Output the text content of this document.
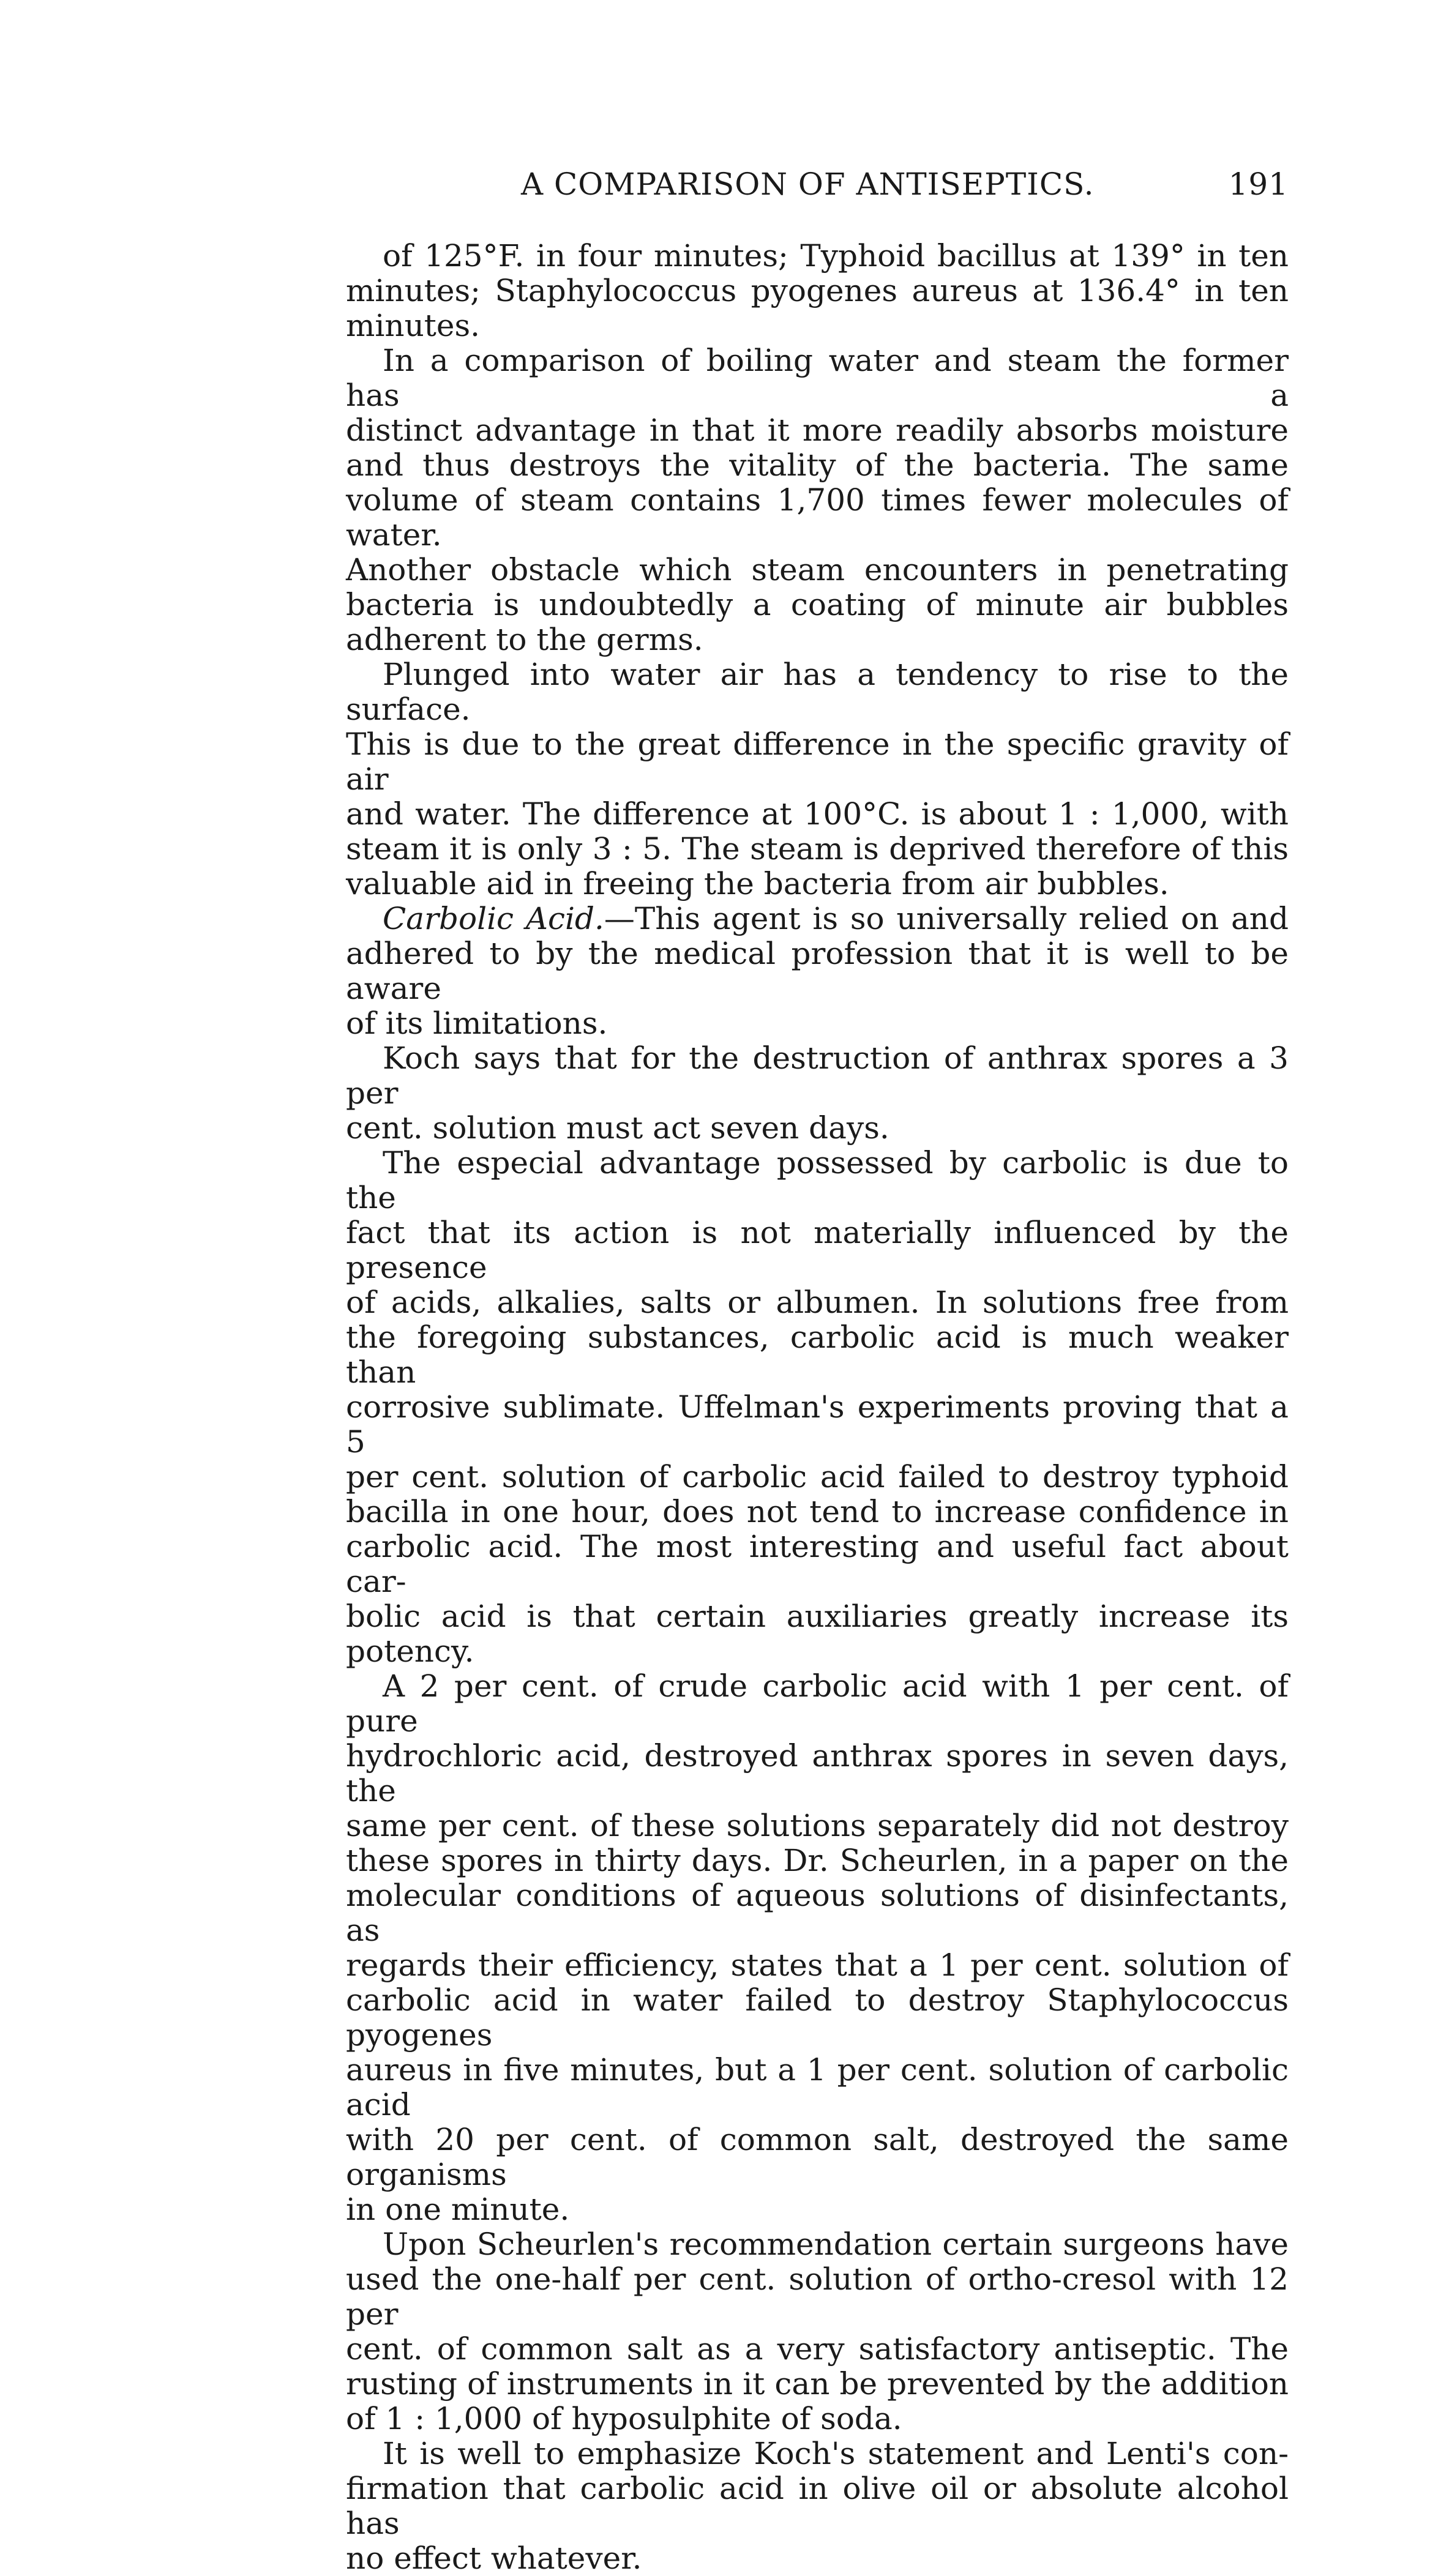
A COMPARISON OF ANTISEPTICS.	191

of 125°F. in four minutes; Typhoid bacillus at 139° in ten

minutes; Staphylococcus pyogenes aureus at 136.4° in ten

minutes.

In a comparison of boiling water and steam the former has a

distinct advantage in that it more readily absorbs moisture

and thus destroys the vitality of the bacteria. The same

volume of steam contains 1,700 times fewer molecules of water.

Another obstacle which steam encounters in penetrating

bacteria is undoubtedly a coating of minute air bubbles

adherent to the germs.

Plunged into water air has a tendency to rise to the surface.

This is due to the great difference in the specific gravity of air

and water. The difference at 100°C. is about 1 : 1,000, with

steam it is only 3 : 5. The steam is deprived therefore of this

valuable aid in freeing the bacteria from air bubbles.

Carbolic Acid.—This agent is so universally relied on and

adhered to by the medical profession that it is well to be aware

of its limitations.

Koch says that for the destruction of anthrax spores a 3 per

cent. solution must act seven days.

The especial advantage possessed by carbolic is due to the

fact that its action is not materially influenced by the presence

of acids, alkalies, salts or albumen. In solutions free from

the foregoing substances, carbolic acid is much weaker than

corrosive sublimate. Uffelman's experiments proving that a 5

per cent. solution of carbolic acid failed to destroy typhoid

bacilla in one hour, does not tend to increase confidence in

carbolic acid. The most interesting and useful fact about car-

bolic acid is that certain auxiliaries greatly increase its potency.

A 2 per cent. of crude carbolic acid with 1 per cent. of pure

hydrochloric acid, destroyed anthrax spores in seven days, the

same per cent. of these solutions separately did not destroy

these spores in thirty days. Dr. Scheurlen, in a paper on the

molecular conditions of aqueous solutions of disinfectants, as

regards their efficiency, states that a 1 per cent. solution of

carbolic acid in water failed to destroy Staphylococcus pyogenes

aureus in five minutes, but a 1 per cent. solution of carbolic acid

with 20 per cent. of common salt, destroyed the same organisms

in one minute.

Upon Scheurlen's recommendation certain surgeons have

used the one-half per cent. solution of ortho-cresol with 12 per

cent. of common salt as a very satisfactory antiseptic. The

rusting of instruments in it can be prevented by the addition

of 1 : 1,000 of hyposulphite of soda.

It is well to emphasize Koch's statement and Lenti's con-

firmation that carbolic acid in olive oil or absolute alcohol has

no effect whatever.
